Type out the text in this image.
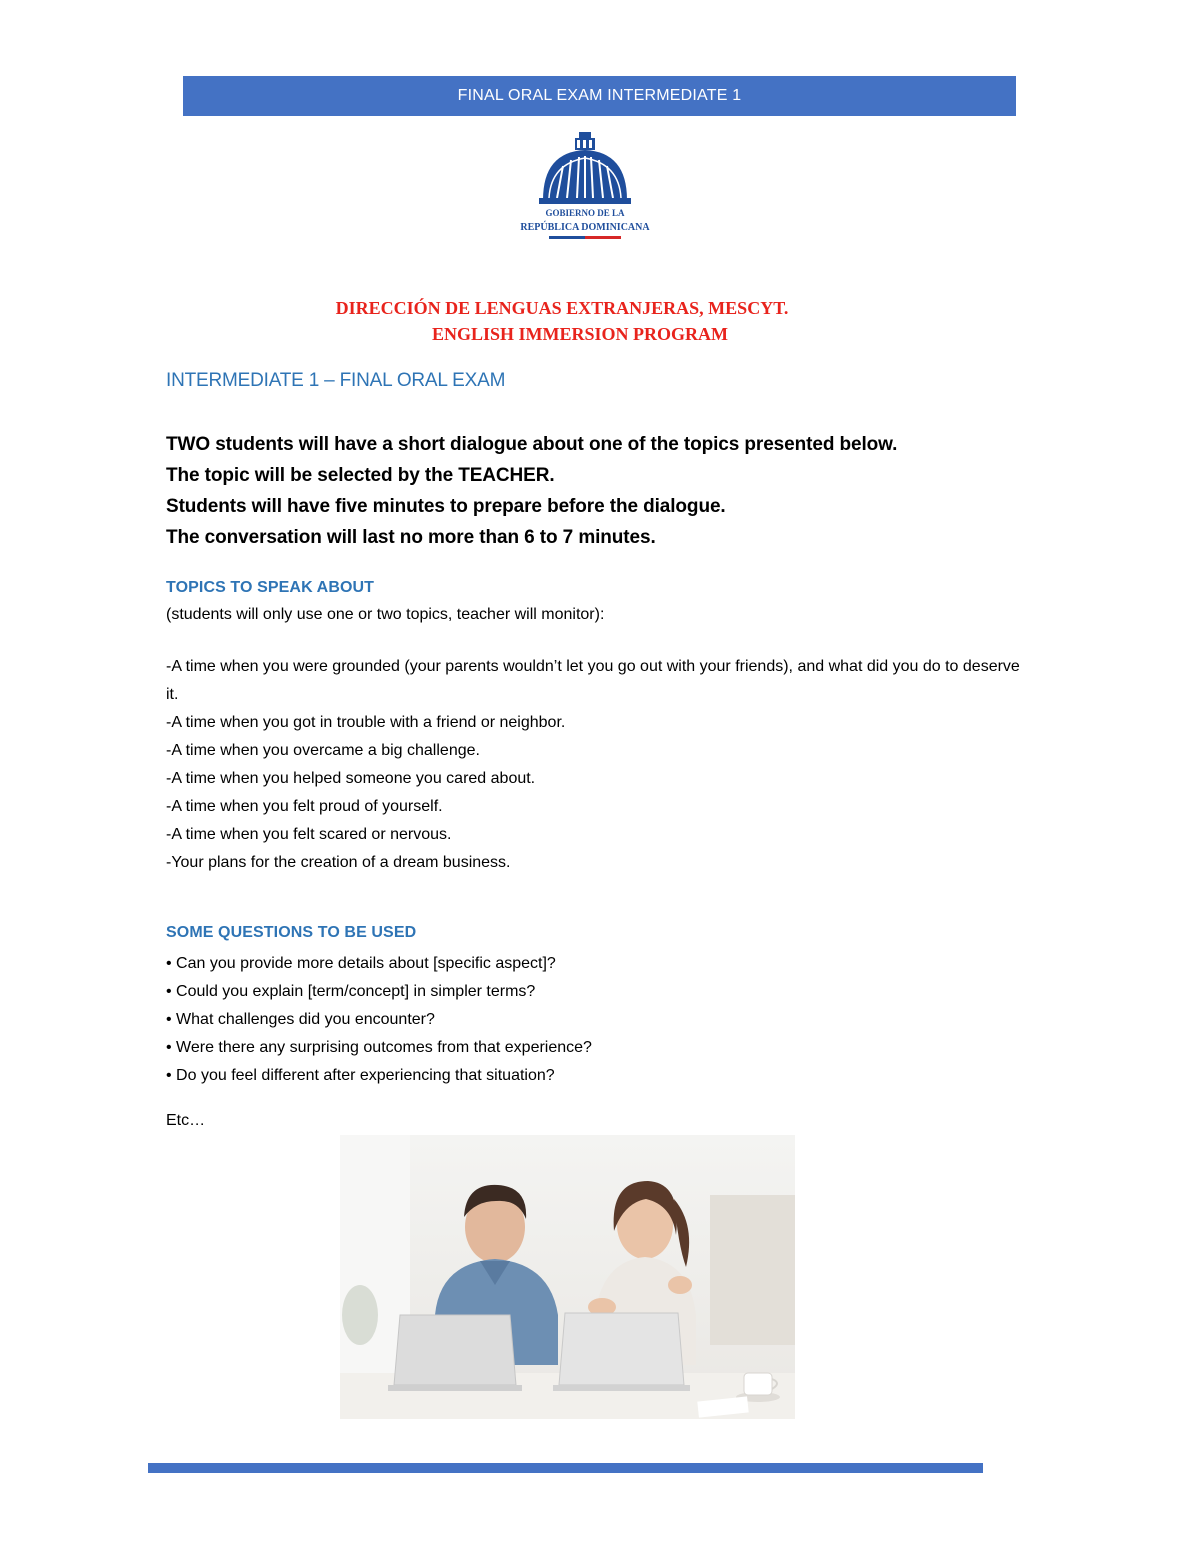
FINAL ORAL EXAM INTERMEDIATE 1
GOBIERNO DE LA
REPÚBLICA DOMINICANA
DIRECCIÓN DE LENGUAS EXTRANJERAS, MESCYT.
ENGLISH IMMERSION PROGRAM
INTERMEDIATE 1 – FINAL ORAL EXAM
TWO students will have a short dialogue about one of the topics presented below.
The topic will be selected by the TEACHER.
Students will have five minutes to prepare before the dialogue.
The conversation will last no more than 6 to 7 minutes.
TOPICS TO SPEAK ABOUT
(students will only use one or two topics, teacher will monitor):
-A time when you were grounded (your parents wouldn’t let you go out with your friends), and what did you do to deserve it.
-A time when you got in trouble with a friend or neighbor.
-A time when you overcame a big challenge.
-A time when you helped someone you cared about.
-A time when you felt proud of yourself.
-A time when you felt scared or nervous.
-Your plans for the creation of a dream business.
SOME QUESTIONS TO BE USED
• Can you provide more details about [specific aspect]?
• Could you explain [term/concept] in simpler terms?
• What challenges did you encounter?
• Were there any surprising outcomes from that experience?
• Do you feel different after experiencing that situation?
Etc…
